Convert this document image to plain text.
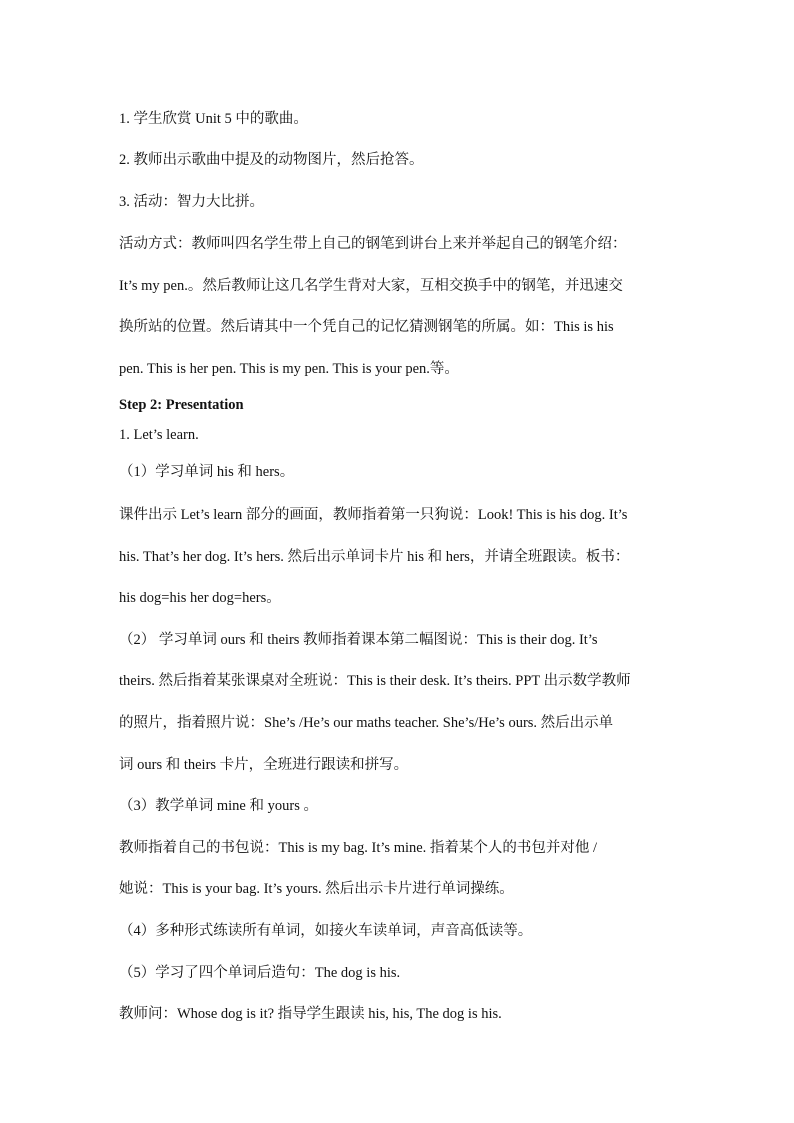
1. 学生欣赏 Unit 5 中的歌曲。
2. 教师出示歌曲中提及的动物图片，然后抢答。
3. 活动：智力大比拼。
活动方式：教师叫四名学生带上自己的钢笔到讲台上来并举起自己的钢笔介绍：
It’s my pen.。然后教师让这几名学生背对大家，互相交换手中的钢笔，并迅速交
换所站的位置。然后请其中一个凭自己的记忆猜测钢笔的所属。如：This is his
pen. This is her pen. This is my pen. This is your pen.等。
Step 2: Presentation
1. Let’s learn.
（1）学习单词 his 和 hers。
课件出示 Let’s learn 部分的画面，教师指着第一只狗说：Look! This is his dog. It’s
his. That’s her dog. It’s hers. 然后出示单词卡片 his 和 hers，并请全班跟读。板书：
his dog=his her dog=hers。
（2） 学习单词 ours 和 theirs 教师指着课本第二幅图说：This is their dog. It’s
theirs. 然后指着某张课桌对全班说：This is their desk. It’s theirs. PPT 出示数学教师
的照片，指着照片说：She’s /He’s our maths teacher. She’s/He’s ours. 然后出示单
词 ours 和 theirs 卡片，全班进行跟读和拼写。
（3）教学单词 mine 和 yours 。
教师指着自己的书包说：This is my bag. It’s mine. 指着某个人的书包并对他 /
她说：This is your bag. It’s yours. 然后出示卡片进行单词操练。
（4）多种形式练读所有单词，如接火车读单词，声音高低读等。
（5）学习了四个单词后造句：The dog is his.
教师问：Whose dog is it? 指导学生跟读 his, his, The dog is his.
